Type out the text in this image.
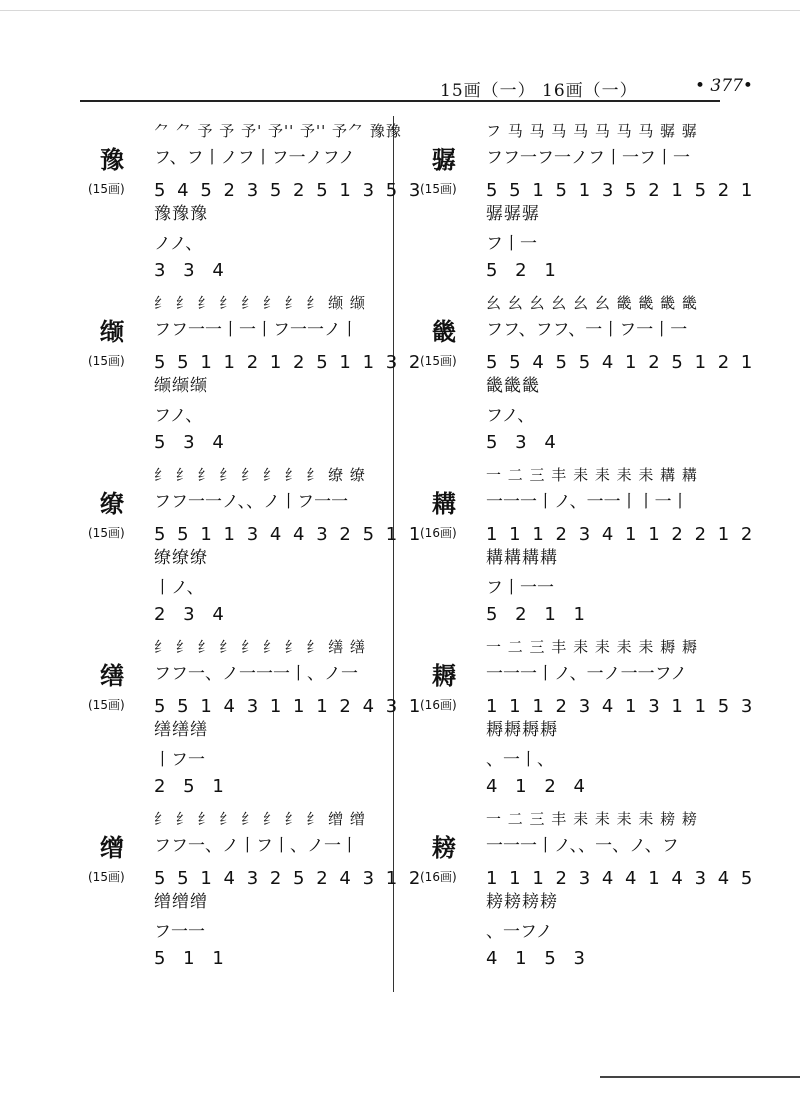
15画（一） 16画（一）	• 377•
豫
(15画)
⺈ ⺈ 予 予 予' 予'' 予'' 予⺈ 豫豫
フ、フ丨ノフ丨フ一ノフノ
5 4 5 2 3 5 2 5 1 3 5 3
豫豫豫
ノノ、
3 3 4
缬
(15画)
纟 纟 纟 纟 纟 纟 纟 纟 缬 缬
フフ一一丨一丨フ一一ノ丨
5 5 1 1 2 1 2 5 1 1 3 2
缬缬缬
フノ、
5 3 4
缭
(15画)
纟 纟 纟 纟 纟 纟 纟 纟 缭 缭
フフ一一ノ、、ノ丨フ一一
5 5 1 1 3 4 4 3 2 5 1 1
缭缭缭
丨ノ、
2 3 4
缮
(15画)
纟 纟 纟 纟 纟 纟 纟 纟 缮 缮
フフ一、ノ一一一丨、ノ一
5 5 1 4 3 1 1 1 2 4 3 1
缮缮缮
丨フ一
2 5 1
缯
(15画)
纟 纟 纟 纟 纟 纟 纟 纟 缯 缯
フフ一、ノ丨フ丨、ノ一丨
5 5 1 4 3 2 5 2 4 3 1 2
缯缯缯
フ一一
5 1 1
骣
(15画)
フ 马 马 马 马 马 马 马 骣 骣
フフ一フ一ノフ丨一フ丨一
5 5 1 5 1 3 5 2 1 5 2 1
骣骣骣
フ丨一
5 2 1
畿
(15画)
幺 幺 幺 幺 幺 幺 畿 畿 畿 畿
フフ、フフ、一丨フ一丨一
5 5 4 5 5 4 1 2 5 1 2 1
畿畿畿
フノ、
5 3 4
耩
(16画)
一 二 三 丰 耒 耒 耒 耒 耩 耩
一一一丨ノ、一一丨丨一丨
1 1 1 2 3 4 1 1 2 2 1 2
耩耩耩耩
フ丨一一
5 2 1 1
耨
(16画)
一 二 三 丰 耒 耒 耒 耒 耨 耨
一一一丨ノ、一ノ一一フノ
1 1 1 2 3 4 1 3 1 1 5 3
耨耨耨耨
、一丨、
4 1 2 4
耪
(16画)
一 二 三 丰 耒 耒 耒 耒 耪 耪
一一一丨ノ、、一、ノ、フ
1 1 1 2 3 4 4 1 4 3 4 5
耪耪耪耪
、一フノ
4 1 5 3
